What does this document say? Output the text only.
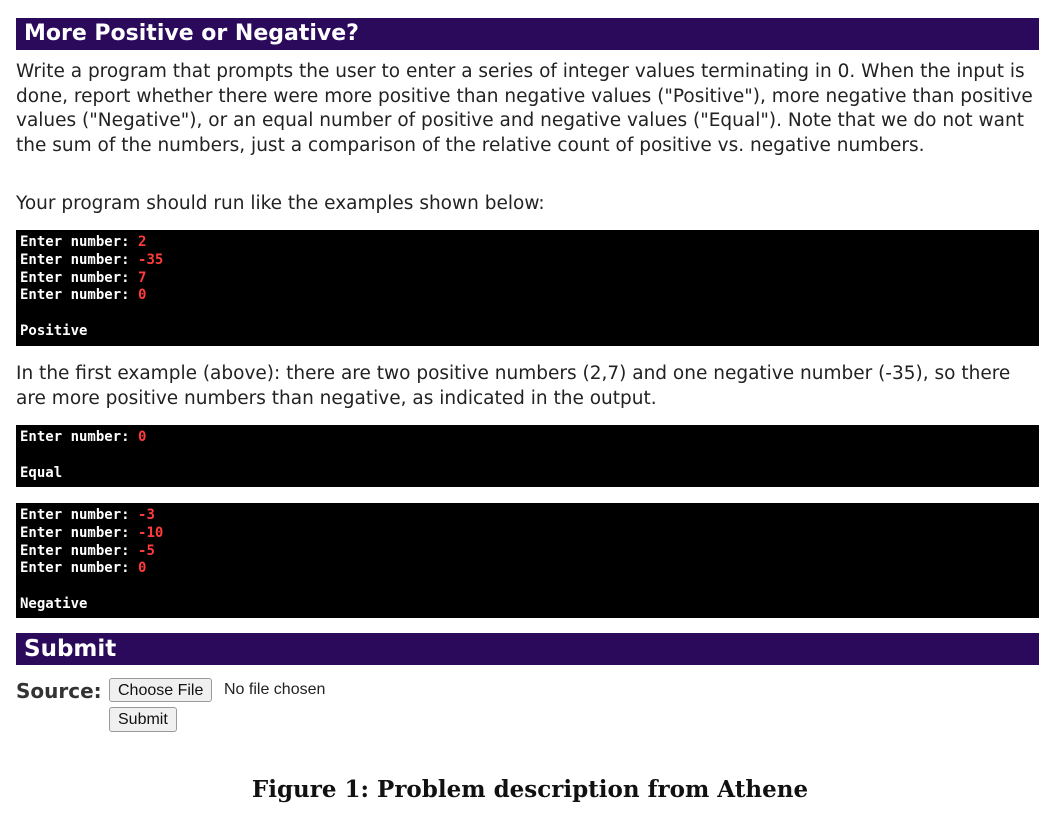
More Positive or Negative?

Write a program that prompts the user to enter a series of integer values terminating in 0. When the input is done, report whether there were more positive than negative values ("Positive"), more negative than positive values ("Negative"), or an equal number of positive and negative values ("Equal"). Note that we do not want the sum of the numbers, just a comparison of the relative count of positive vs. negative numbers.

Your program should run like the examples shown below:

Enter number: 2
Enter number: -35
Enter number: 7
Enter number: 0
Positive

In the first example (above): there are two positive numbers (2,7) and one negative number (-35), so there are more positive numbers than negative, as indicated in the output.

Enter number: 0
Equal
Enter number: -3
Enter number: -10
Enter number: -5
Enter number: 0
Negative
Submit
Source:	Choose File	No file chosen
Submit
Figure 1: Problem description from Athene
